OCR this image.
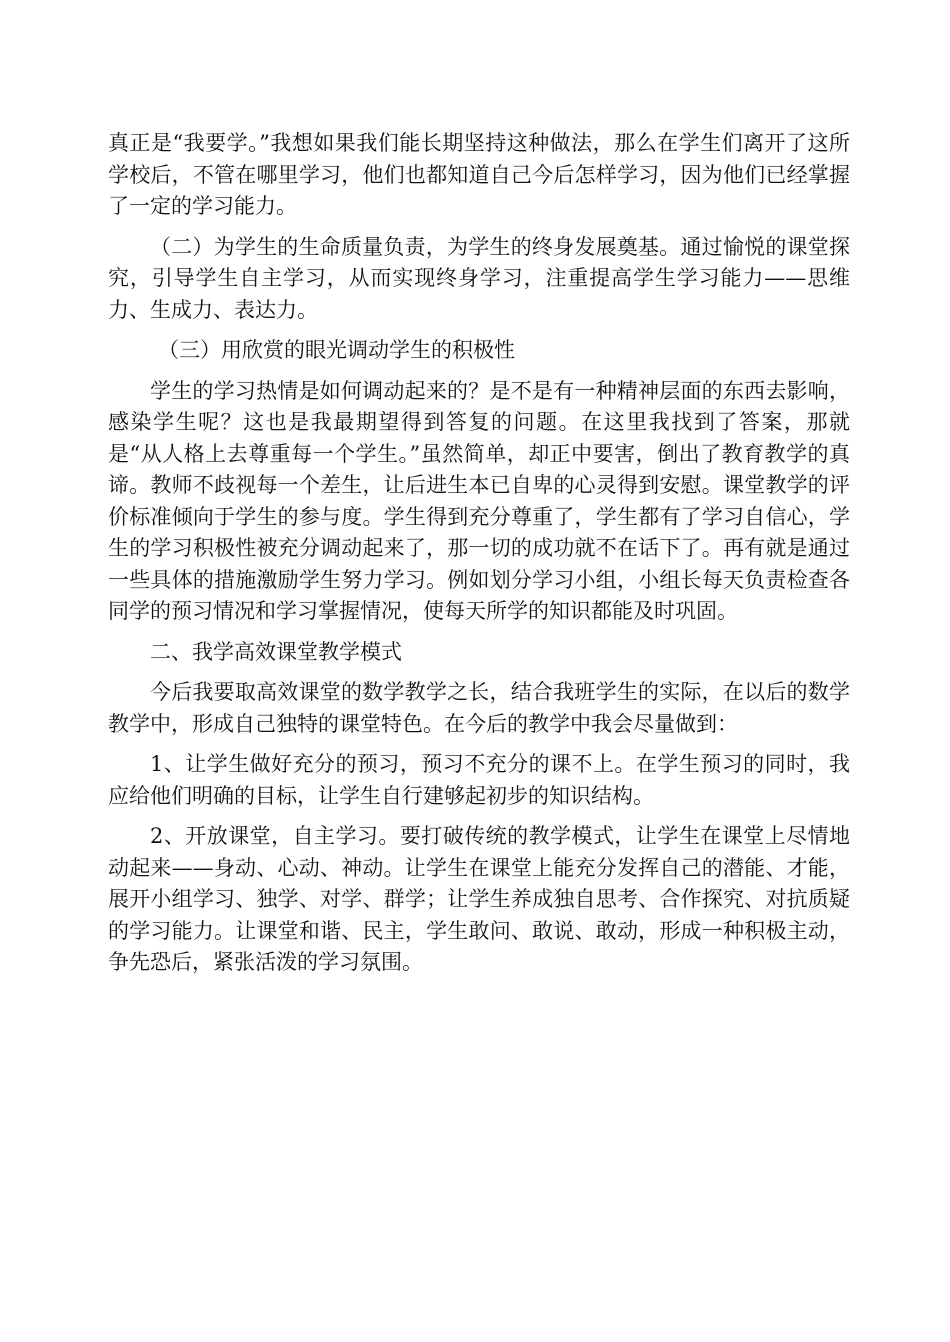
真正是“我要学。”我想如果我们能长期坚持这种做法，那么在学生们离开了这所学校后，不管在哪里学习，他们也都知道自己今后怎样学习，因为他们已经掌握了一定的学习能力。

（二）为学生的生命质量负责，为学生的终身发展奠基。通过愉悦的课堂探究，引导学生自主学习，从而实现终身学习，注重提高学生学习能力——思维力、生成力、表达力。

（三）用欣赏的眼光调动学生的积极性

学生的学习热情是如何调动起来的？是不是有一种精神层面的东西去影响，感染学生呢？这也是我最期望得到答复的问题。在这里我找到了答案，那就是“从人格上去尊重每一个学生。”虽然简单，却正中要害，倒出了教育教学的真谛。教师不歧视每一个差生，让后进生本已自卑的心灵得到安慰。课堂教学的评价标准倾向于学生的参与度。学生得到充分尊重了，学生都有了学习自信心，学生的学习积极性被充分调动起来了，那一切的成功就不在话下了。再有就是通过一些具体的措施激励学生努力学习。例如划分学习小组，小组长每天负责检查各同学的预习情况和学习掌握情况，使每天所学的知识都能及时巩固。

二、我学高效课堂教学模式

今后我要取高效课堂的数学教学之长，结合我班学生的实际，在以后的数学教学中，形成自己独特的课堂特色。在今后的教学中我会尽量做到：

1、让学生做好充分的预习，预习不充分的课不上。在学生预习的同时，我应给他们明确的目标，让学生自行建够起初步的知识结构。

2、开放课堂，自主学习。要打破传统的教学模式，让学生在课堂上尽情地动起来——身动、心动、神动。让学生在课堂上能充分发挥自己的潜能、才能，展开小组学习、独学、对学、群学；让学生养成独自思考、合作探究、对抗质疑的学习能力。让课堂和谐、民主，学生敢问、敢说、敢动，形成一种积极主动，争先恐后，紧张活泼的学习氛围。
